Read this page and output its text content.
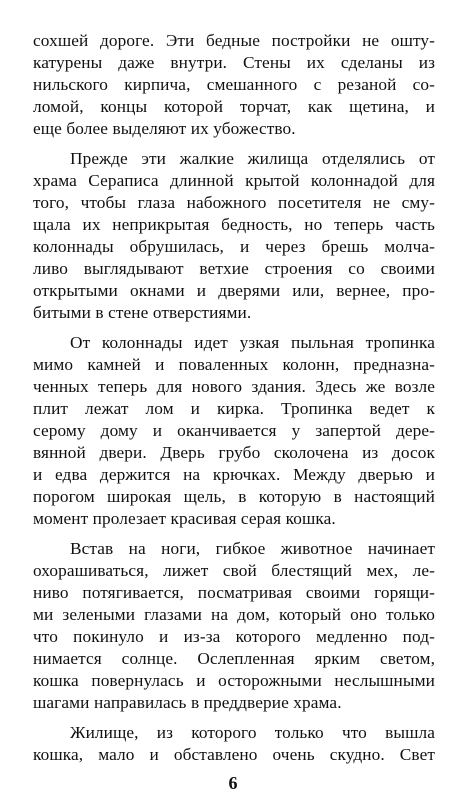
сохшей дороге. Эти бедные постройки не ошту-
катурены даже внутри. Стены их сделаны из
нильского кирпича, смешанного с резаной со-
ломой, концы которой торчат, как щетина, и
еще более выделяют их убожество.
Прежде эти жалкие жилища отделялись от
храма Сераписа длинной крытой колоннадой для
того, чтобы глаза набожного посетителя не сму-
щала их неприкрытая бедность, но теперь часть
колоннады обрушилась, и через брешь молча-
ливо выглядывают ветхие строения со своими
открытыми окнами и дверями или, вернее, про-
битыми в стене отверстиями.
От колоннады идет узкая пыльная тропинка
мимо камней и поваленных колонн, предназна-
ченных теперь для нового здания. Здесь же возле
плит лежат лом и кирка. Тропинка ведет к
серому дому и оканчивается у запертой дере-
вянной двери. Дверь грубо сколочена из досок
и едва держится на крючках. Между дверью и
порогом широкая щель, в которую в настоящий
момент пролезает красивая серая кошка.
Встав на ноги, гибкое животное начинает
охорашиваться, лижет свой блестящий мех, ле-
ниво потягивается, посматривая своими горящи-
ми зелеными глазами на дом, который оно только
что покинуло и из-за которого медленно под-
нимается солнце. Ослепленная ярким светом,
кошка повернулась и осторожными неслышными
шагами направилась в преддверие храма.
Жилище, из которого только что вышла
кошка, мало и обставлено очень скудно. Свет
6
